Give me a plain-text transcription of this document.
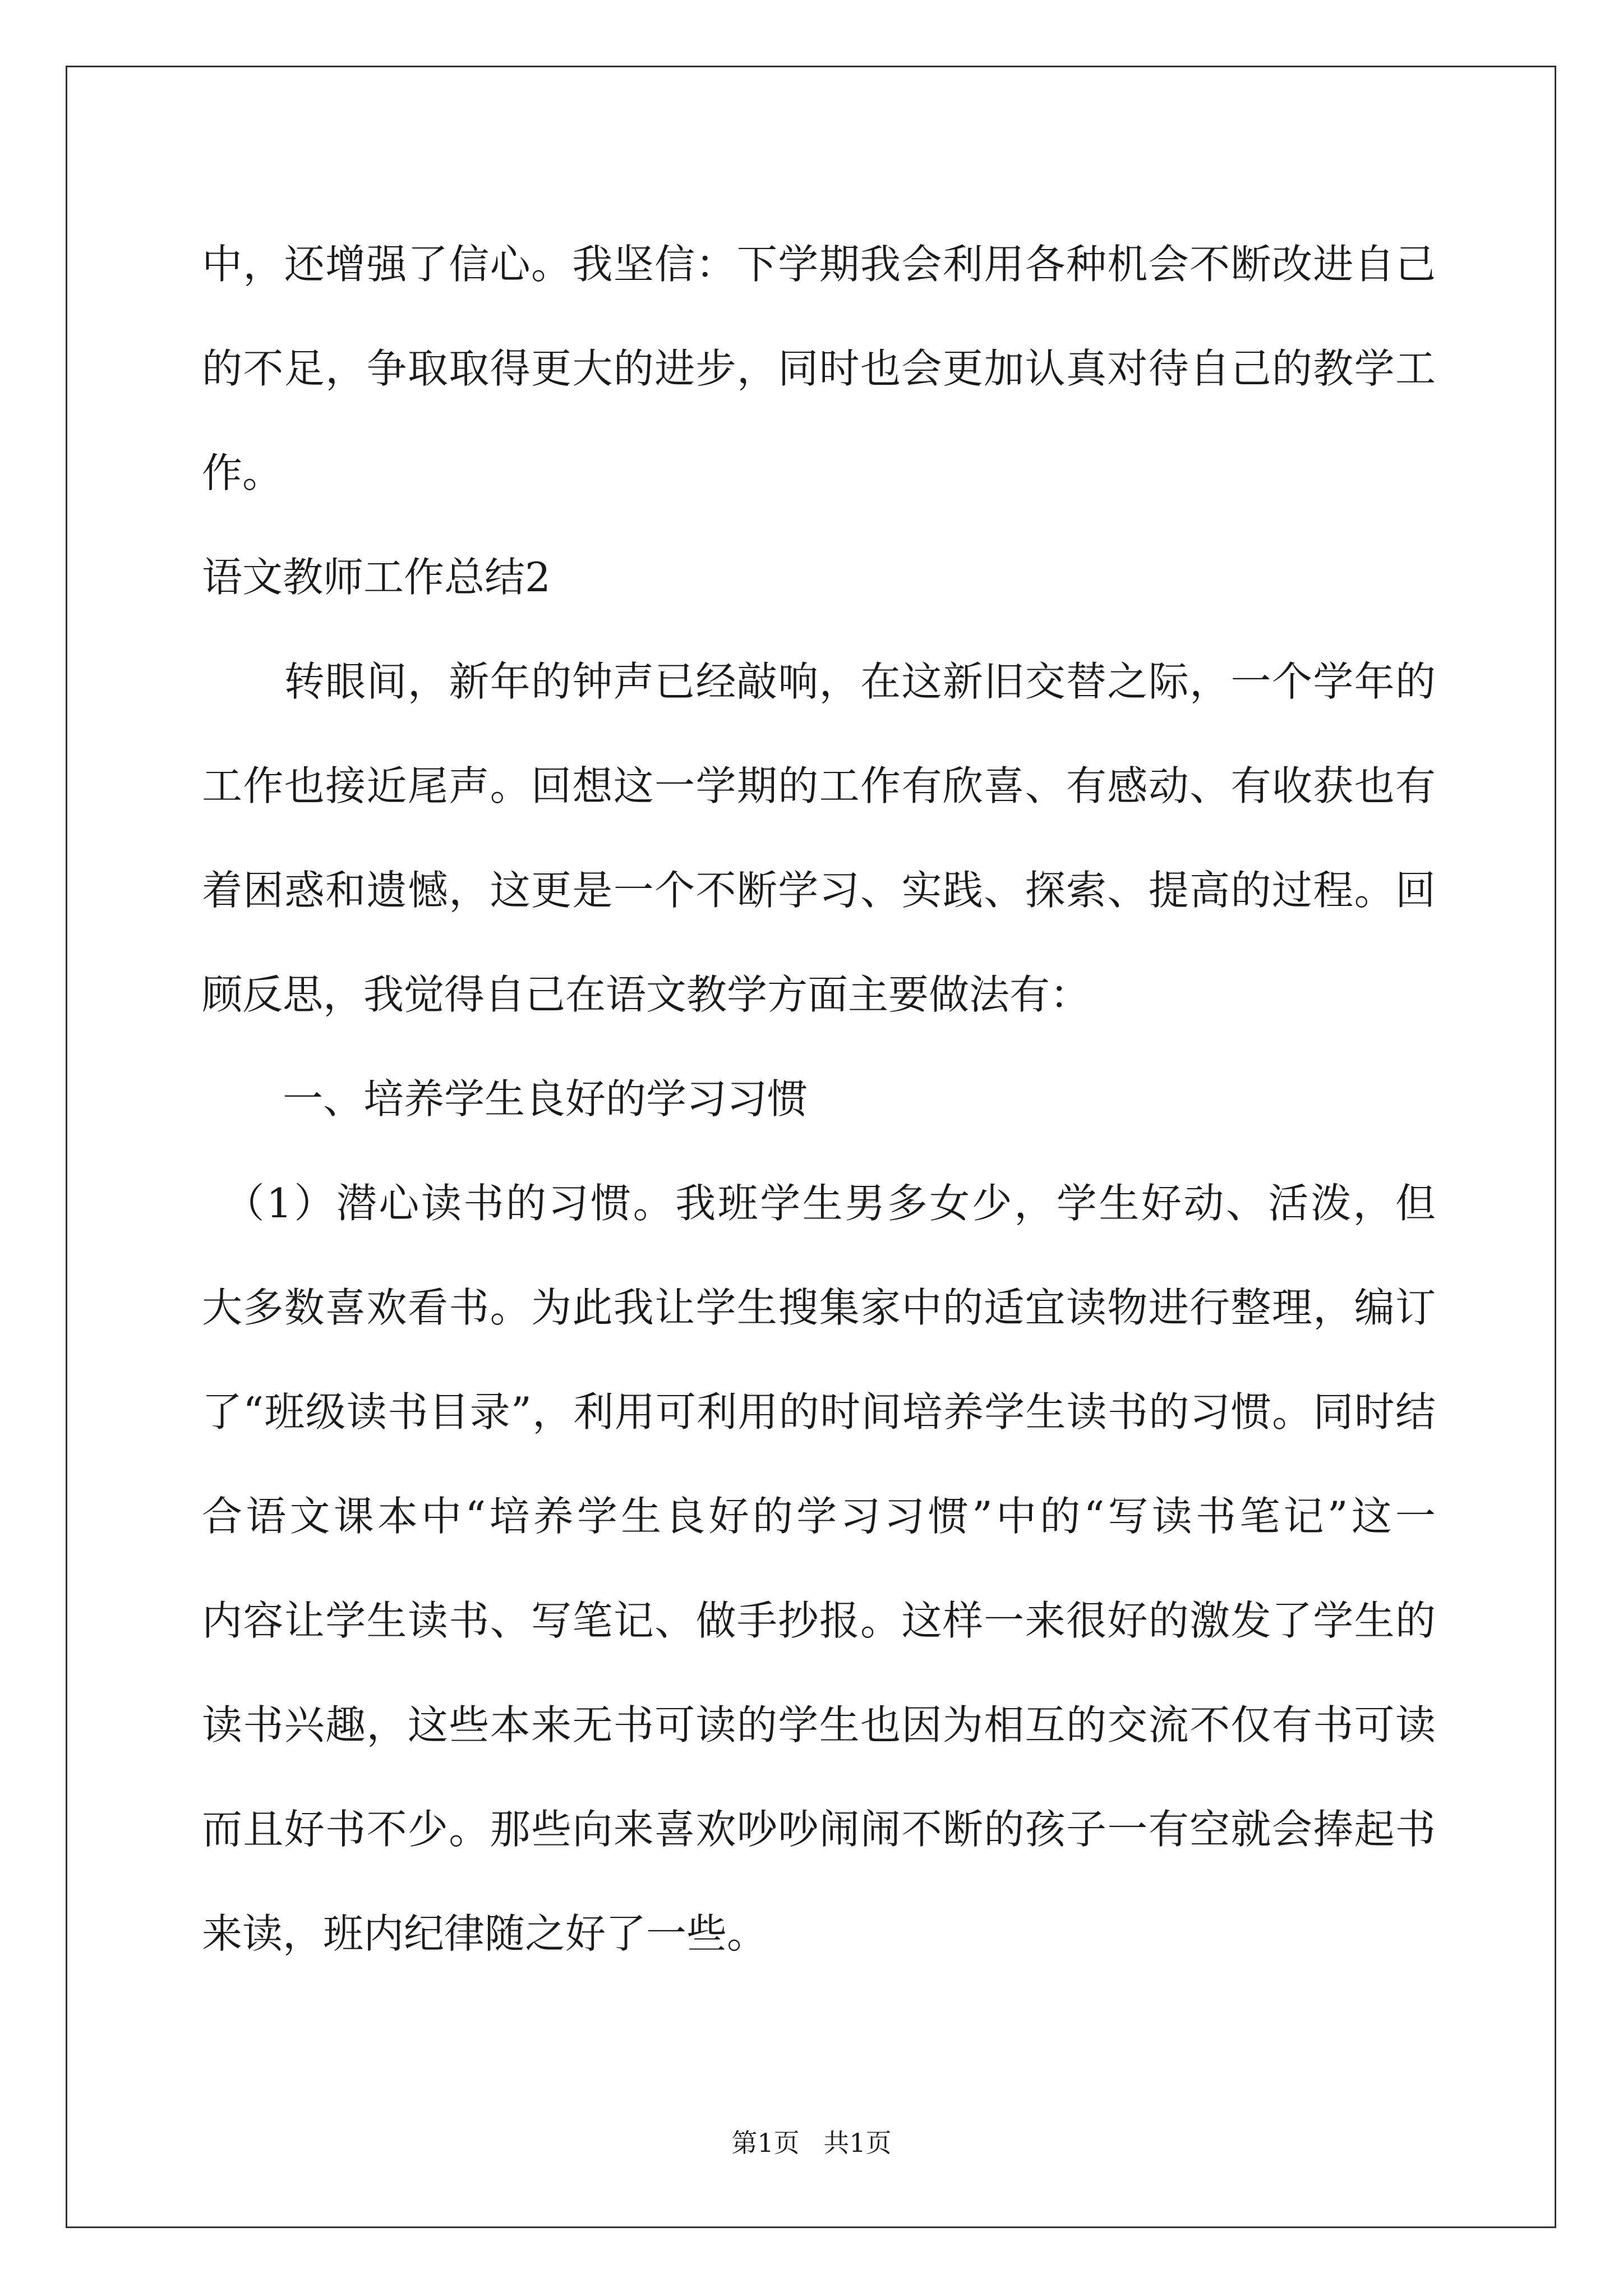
中，还增强了信心。我坚信：下学期我会利用各种机会不断改进自己
的不足，争取取得更大的进步，同时也会更加认真对待自己的教学工
作。
语文教师工作总结2
　　转眼间，新年的钟声已经敲响，在这新旧交替之际，一个学年的
工作也接近尾声。回想这一学期的工作有欣喜、有感动、有收获也有
着困惑和遗憾，这更是一个不断学习、实践、探索、提高的过程。回
顾反思，我觉得自己在语文教学方面主要做法有：
　　一、培养学生良好的学习习惯
　（1）潜心读书的习惯。我班学生男多女少，学生好动、活泼，但
大多数喜欢看书。为此我让学生搜集家中的适宜读物进行整理，编订
了“班级读书目录”，利用可利用的时间培养学生读书的习惯。同时结
合语文课本中“培养学生良好的学习习惯”中的“写读书笔记”这一
内容让学生读书、写笔记、做手抄报。这样一来很好的激发了学生的
读书兴趣，这些本来无书可读的学生也因为相互的交流不仅有书可读
而且好书不少。那些向来喜欢吵吵闹闹不断的孩子一有空就会捧起书
来读，班内纪律随之好了一些。
第1页 共1页
